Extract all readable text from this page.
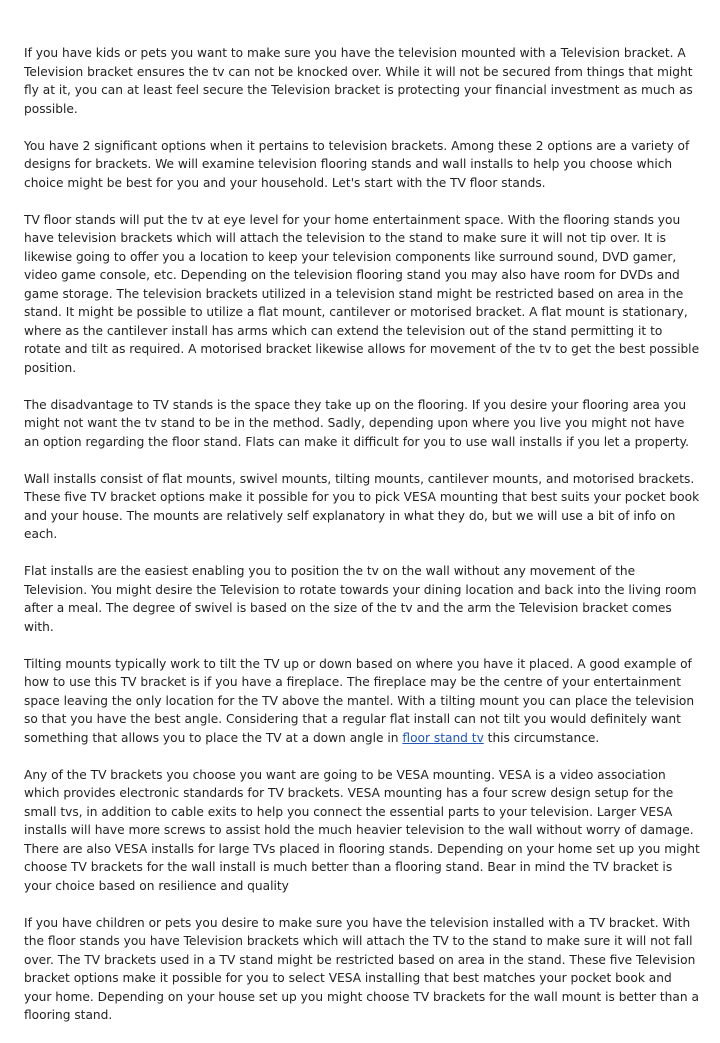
If you have kids or pets you want to make sure you have the television mounted with a Television bracket. A Television bracket ensures the tv can not be knocked over. While it will not be secured from things that might fly at it, you can at least feel secure the Television bracket is protecting your financial investment as much as possible.

You have 2 significant options when it pertains to television brackets. Among these 2 options are a variety of designs for brackets. We will examine television flooring stands and wall installs to help you choose which choice might be best for you and your household. Let's start with the TV floor stands.

TV floor stands will put the tv at eye level for your home entertainment space. With the flooring stands you have television brackets which will attach the television to the stand to make sure it will not tip over. It is likewise going to offer you a location to keep your television components like surround sound, DVD gamer, video game console, etc. Depending on the television flooring stand you may also have room for DVDs and game storage. The television brackets utilized in a television stand might be restricted based on area in the stand. It might be possible to utilize a flat mount, cantilever or motorised bracket. A flat mount is stationary, where as the cantilever install has arms which can extend the television out of the stand permitting it to rotate and tilt as required. A motorised bracket likewise allows for movement of the tv to get the best possible position.

The disadvantage to TV stands is the space they take up on the flooring. If you desire your flooring area you might not want the tv stand to be in the method. Sadly, depending upon where you live you might not have an option regarding the floor stand. Flats can make it difficult for you to use wall installs if you let a property.

Wall installs consist of flat mounts, swivel mounts, tilting mounts, cantilever mounts, and motorised brackets. These five TV bracket options make it possible for you to pick VESA mounting that best suits your pocket book and your house. The mounts are relatively self explanatory in what they do, but we will use a bit of info on each.

Flat installs are the easiest enabling you to position the tv on the wall without any movement of the Television. You might desire the Television to rotate towards your dining location and back into the living room after a meal. The degree of swivel is based on the size of the tv and the arm the Television bracket comes with.

Tilting mounts typically work to tilt the TV up or down based on where you have it placed. A good example of how to use this TV bracket is if you have a fireplace. The fireplace may be the centre of your entertainment space leaving the only location for the TV above the mantel. With a tilting mount you can place the television so that you have the best angle. Considering that a regular flat install can not tilt you would definitely want something that allows you to place the TV at a down angle in floor stand tv this circumstance.

Any of the TV brackets you choose you want are going to be VESA mounting. VESA is a video association which provides electronic standards for TV brackets. VESA mounting has a four screw design setup for the small tvs, in addition to cable exits to help you connect the essential parts to your television. Larger VESA installs will have more screws to assist hold the much heavier television to the wall without worry of damage. There are also VESA installs for large TVs placed in flooring stands. Depending on your home set up you might choose TV brackets for the wall install is much better than a flooring stand. Bear in mind the TV bracket is your choice based on resilience and quality

If you have children or pets you desire to make sure you have the television installed with a TV bracket. With the floor stands you have Television brackets which will attach the TV to the stand to make sure it will not fall over. The TV brackets used in a TV stand might be restricted based on area in the stand. These five Television bracket options make it possible for you to select VESA installing that best matches your pocket book and your home. Depending on your house set up you might choose TV brackets for the wall mount is better than a flooring stand.
